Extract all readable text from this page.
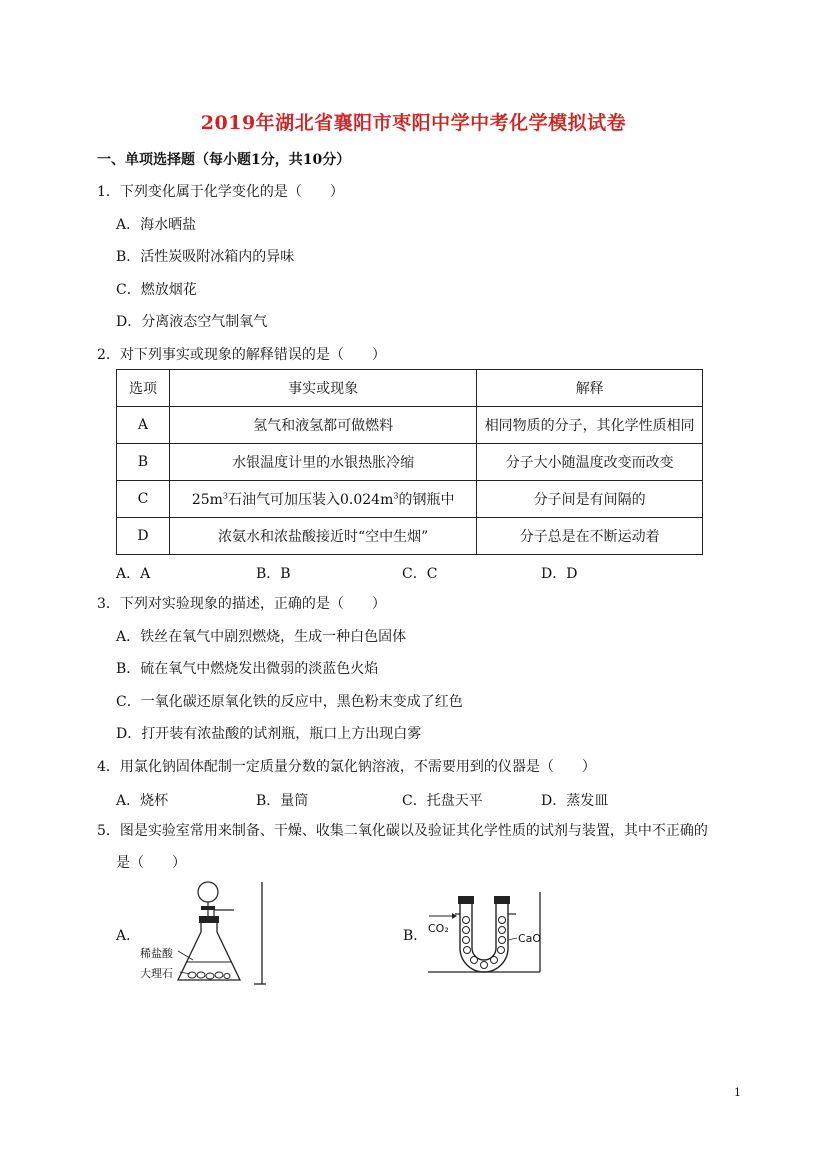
2019年湖北省襄阳市枣阳中学中考化学模拟试卷
一、单项选择题（每小题1分，共10分）
1．下列变化属于化学变化的是（　　）
A．海水晒盐
B．活性炭吸附冰箱内的异味
C．燃放烟花
D．分离液态空气制氧气
2．对下列事实或现象的解释错误的是（　　）
选项	事实或现象	解释
A	氢气和液氢都可做燃料	相同物质的分子，其化学性质相同
B	水银温度计里的水银热胀冷缩	分子大小随温度改变而改变
C	$25m^3$石油气可加压装入$0.024m^3$的钢瓶中	分子间是有间隔的
D	浓氨水和浓盐酸接近时“空中生烟”	分子总是在不断运动着
A．A	B．B	C．C	D．D
3．下列对实验现象的描述，正确的是（　　）
A．铁丝在氧气中剧烈燃烧，生成一种白色固体
B．硫在氧气中燃烧发出微弱的淡蓝色火焰
C．一氧化碳还原氧化铁的反应中，黑色粉末变成了红色
D．打开装有浓盐酸的试剂瓶，瓶口上方出现白雾
4．用氯化钠固体配制一定质量分数的氯化钠溶液，不需要用到的仪器是（　　）
A．烧杯	B．量筒	C．托盘天平	D．蒸发皿
5．图是实验室常用来制备、干燥、收集二氧化碳以及验证其化学性质的试剂与装置，其中不正确的
是（　　）
A．
稀盐酸
大理石
B． CO₂
CaO
1
